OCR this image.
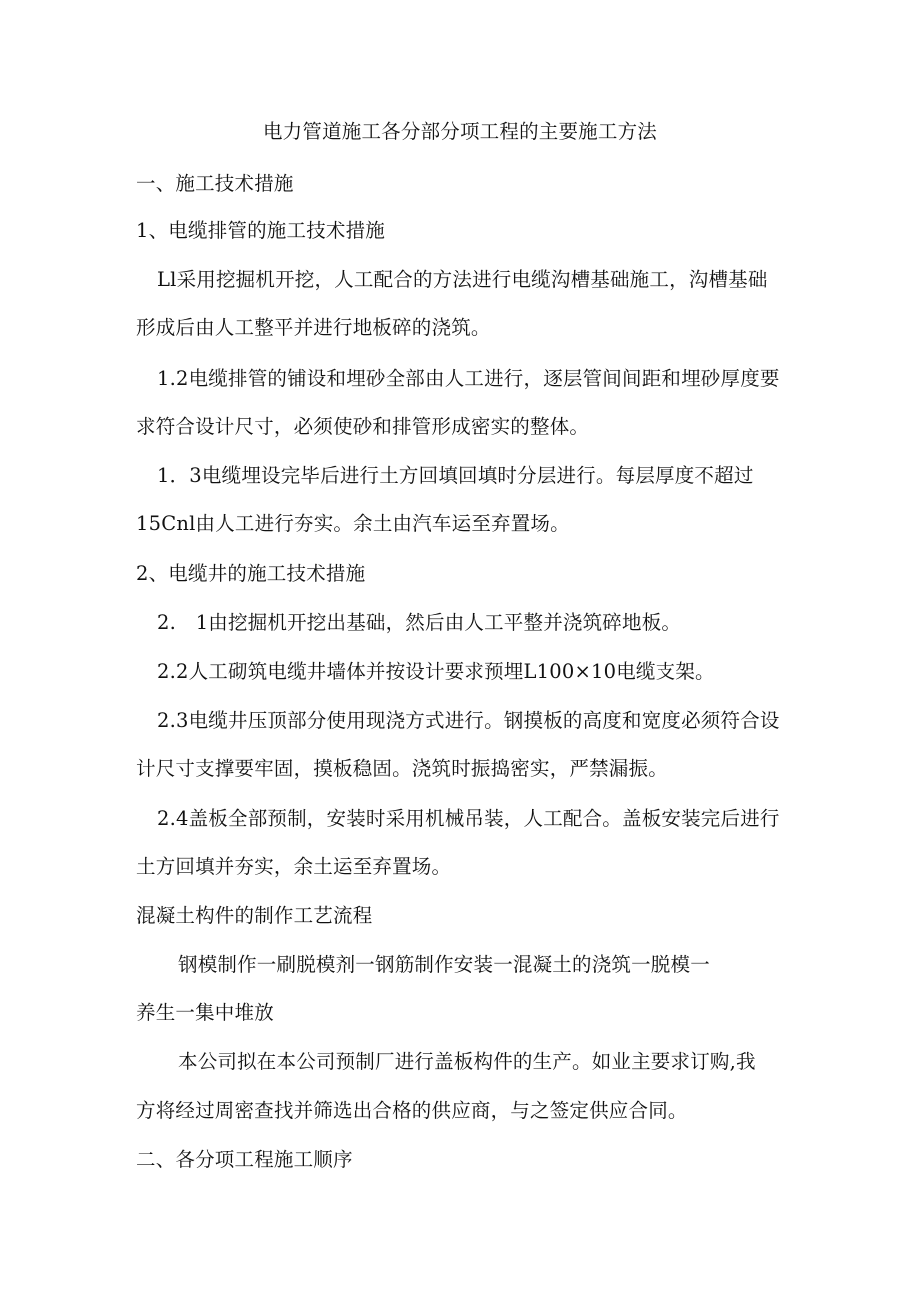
电力管道施工各分部分项工程的主要施工方法
一、施工技术措施
1、电缆排管的施工技术措施
Ll采用挖掘机开挖，人工配合的方法进行电缆沟槽基础施工，沟槽基础
形成后由人工整平并进行地板碎的浇筑。
1.2电缆排管的铺设和埋砂全部由人工进行，逐层管间间距和埋砂厚度要
求符合设计尺寸，必须使砂和排管形成密实的整体。
1．3电缆埋设完毕后进行土方回填回填时分层进行。每层厚度不超过
15Cnl由人工进行夯实。余土由汽车运至弃置场。
2、电缆井的施工技术措施
2.　1由挖掘机开挖出基础，然后由人工平整并浇筑碎地板。
2.2人工砌筑电缆井墙体并按设计要求预埋L100×10电缆支架。
2.3电缆井压顶部分使用现浇方式进行。钢摸板的高度和宽度必须符合设
计尺寸支撑要牢固，摸板稳固。浇筑时振捣密实，严禁漏振。
2.4盖板全部预制，安装时采用机械吊装，人工配合。盖板安装完后进行
土方回填并夯实，余土运至弃置场。
混凝土构件的制作工艺流程
钢模制作一刷脱模剂一钢筋制作安装一混凝土的浇筑一脱模一
养生一集中堆放
本公司拟在本公司预制厂进行盖板构件的生产。如业主要求订购,我
方将经过周密查找并筛选出合格的供应商，与之签定供应合同。
二、各分项工程施工顺序
